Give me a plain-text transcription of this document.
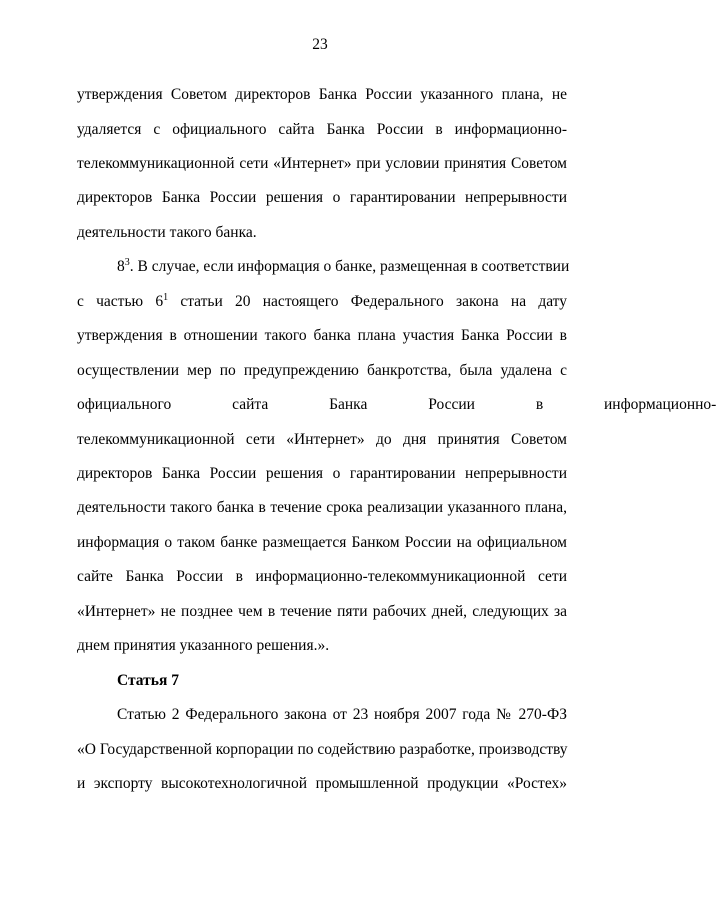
23
утверждения Советом директоров Банка России указанного плана, не
удаляется с официального сайта Банка России в информационно-
телекоммуникационной сети «Интернет» при условии принятия Советом
директоров Банка России решения о гарантировании непрерывности
деятельности такого банка.
$8^3$. В случае, если информация о банке, размещенная в соответствии
с частью $6^1$ статьи 20 настоящего Федерального закона на дату
утверждения в отношении такого банка плана участия Банка России в
осуществлении мер по предупреждению банкротства, была удалена с
официального сайта Банка России в информационно-
телекоммуникационной сети «Интернет» до дня принятия Советом
директоров Банка России решения о гарантировании непрерывности
деятельности такого банка в течение срока реализации указанного плана,
информация о таком банке размещается Банком России на официальном
сайте Банка России в информационно-телекоммуникационной сети
«Интернет» не позднее чем в течение пяти рабочих дней, следующих за
днем принятия указанного решения.».
Статья 7
Статью 2 Федерального закона от 23 ноября 2007 года № 270-ФЗ
«О Государственной корпорации по содействию разработке, производству
и экспорту высокотехнологичной промышленной продукции «Ростех»
